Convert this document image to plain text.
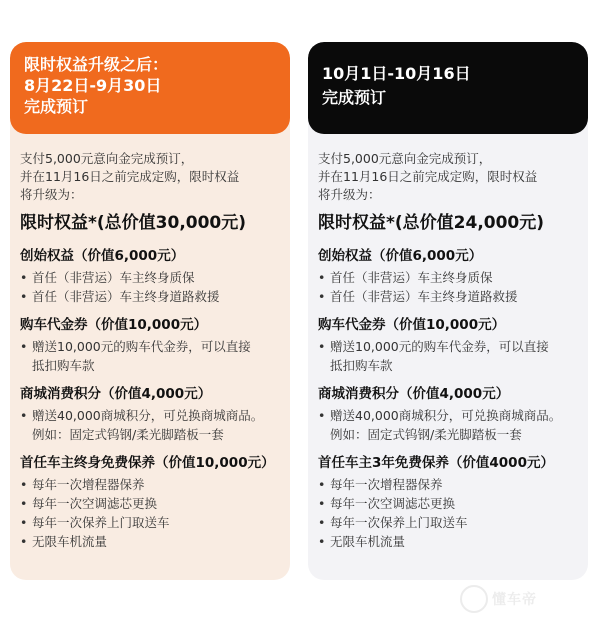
限时权益升级之后：
8月22日-9月30日
完成预订
支付5,000元意向金完成预订，
并在11月16日之前完成定购，限时权益
将升级为：
限时权益*(总价值30,000元)
创始权益（价值6,000元）
• 首任（非营运）车主终身质保
• 首任（非营运）车主终身道路救援
购车代金券（价值10,000元）
• 赠送10,000元的购车代金券，可以直接
抵扣购车款
商城消费积分（价值4,000元）
• 赠送40,000商城积分，可兑换商城商品。
例如：固定式钨钢/柔光脚踏板一套
首任车主终身免费保养（价值10,000元）
• 每年一次增程器保养
• 每年一次空调滤芯更换
• 每年一次保养上门取送车
• 无限车机流量
10月1日-10月16日
完成预订
支付5,000元意向金完成预订，
并在11月16日之前完成定购，限时权益
将升级为：
限时权益*(总价值24,000元)
创始权益（价值6,000元）
• 首任（非营运）车主终身质保
• 首任（非营运）车主终身道路救援
购车代金券（价值10,000元）
• 赠送10,000元的购车代金券，可以直接
抵扣购车款
商城消费积分（价值4,000元）
• 赠送40,000商城积分，可兑换商城商品。
例如：固定式钨钢/柔光脚踏板一套
首任车主3年免费保养（价值4000元）
• 每年一次增程器保养
• 每年一次空调滤芯更换
• 每年一次保养上门取送车
• 无限车机流量
懂车帝
